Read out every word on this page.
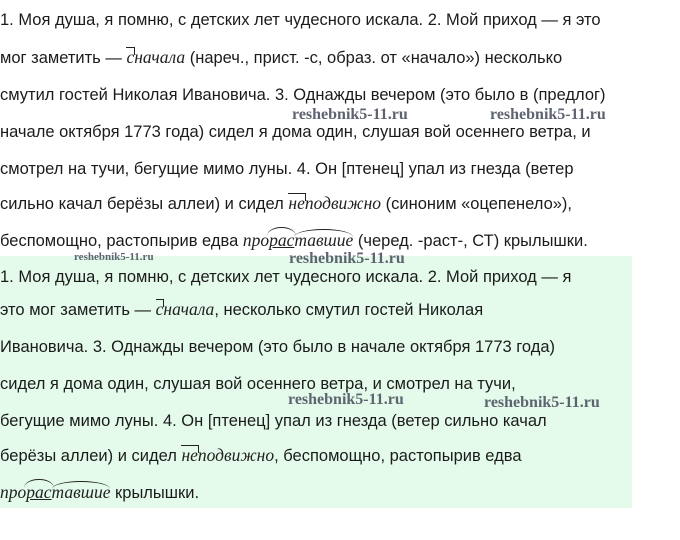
1. Моя душа, я помню, с детских лет чудесного искала. 2. Мой приход — я это
мог заметить — сначала (нареч., прист. -с, образ. от «начало») несколько
смутил гостей Николая Ивановича. 3. Однажды вечером (это было в (предлог)
начале октября 1773 года) сидел я дома один, слушая вой осеннего ветра, и
смотрел на тучи, бегущие мимо луны. 4. Он [птенец] упал из гнезда (ветер
сильно качал берёзы аллеи) и сидел неподвижно (синоним «оцепенело»),
беспомощно, растопырив едва прораставшие (черед. -раст-, СТ) крылышки.
1. Моя душа, я помню, с детских лет чудесного искала. 2. Мой приход — я
это мог заметить — сначала, несколько смутил гостей Николая
Ивановича. 3. Однажды вечером (это было в начале октября 1773 года)
сидел я дома один, слушая вой осеннего ветра, и смотрел на тучи,
бегущие мимо луны. 4. Он [птенец] упал из гнезда (ветер сильно качал
берёзы аллеи) и сидел неподвижно, беспомощно, растопырив едва
прораставшие крылышки.
reshebnik5-11.ru	reshebnik5-11.ru
reshebnik5-11.ru	reshebnik5-11.ru
reshebnik5-11.ru	reshebnik5-11.ru
